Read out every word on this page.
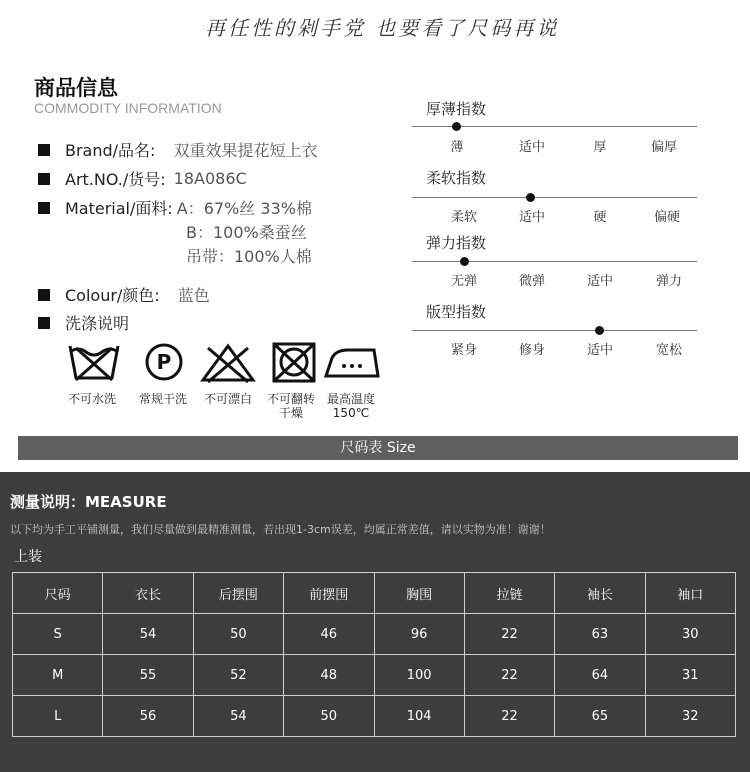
再任性的剁手党 也要看了尺码再说
商品信息
COMMODITY INFORMATION
Brand/品名: 双重效果提花短上衣
Art.NO./货号: 18A086C
Material/面料: A：67%丝 33%棉
B：100%桑蚕丝
吊带：100%人棉
Colour/颜色: 蓝色
洗涤说明
P
不可水洗	常规干洗	不可漂白	不可翻转
干燥
最高温度
150℃
厚薄指数
薄	适中	厚	偏厚
柔软指数
柔软	适中	硬	偏硬
弹力指数
无弹	微弹	适中	弹力
版型指数
紧身	修身	适中	宽松
尺码表 Size
测量说明：MEASURE
以下均为手工平铺测量，我们尽量做到最精准测量，若出现1-3cm误差，均属正常差值，请以实物为准！谢谢！
上装
尺码	衣长	后摆围	前摆围	胸围	拉链	袖长	袖口
S	54	50	46	96	22	63	30
M	55	52	48	100	22	64	31
L	56	54	50	104	22	65	32
